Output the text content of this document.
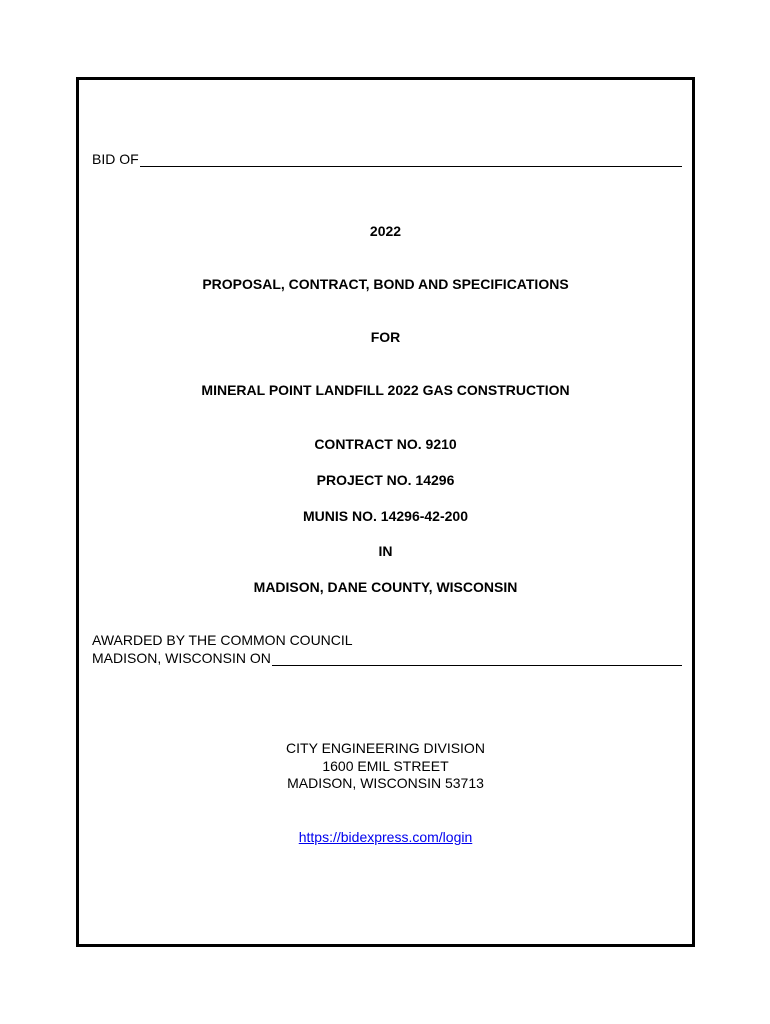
BID OF
2022
PROPOSAL, CONTRACT, BOND AND SPECIFICATIONS
FOR
MINERAL POINT LANDFILL 2022 GAS CONSTRUCTION
CONTRACT NO. 9210
PROJECT NO. 14296
MUNIS NO. 14296-42-200
IN
MADISON, DANE COUNTY, WISCONSIN
AWARDED BY THE COMMON COUNCIL
MADISON, WISCONSIN ON
CITY ENGINEERING DIVISION
1600 EMIL STREET
MADISON, WISCONSIN 53713
https://bidexpress.com/login
